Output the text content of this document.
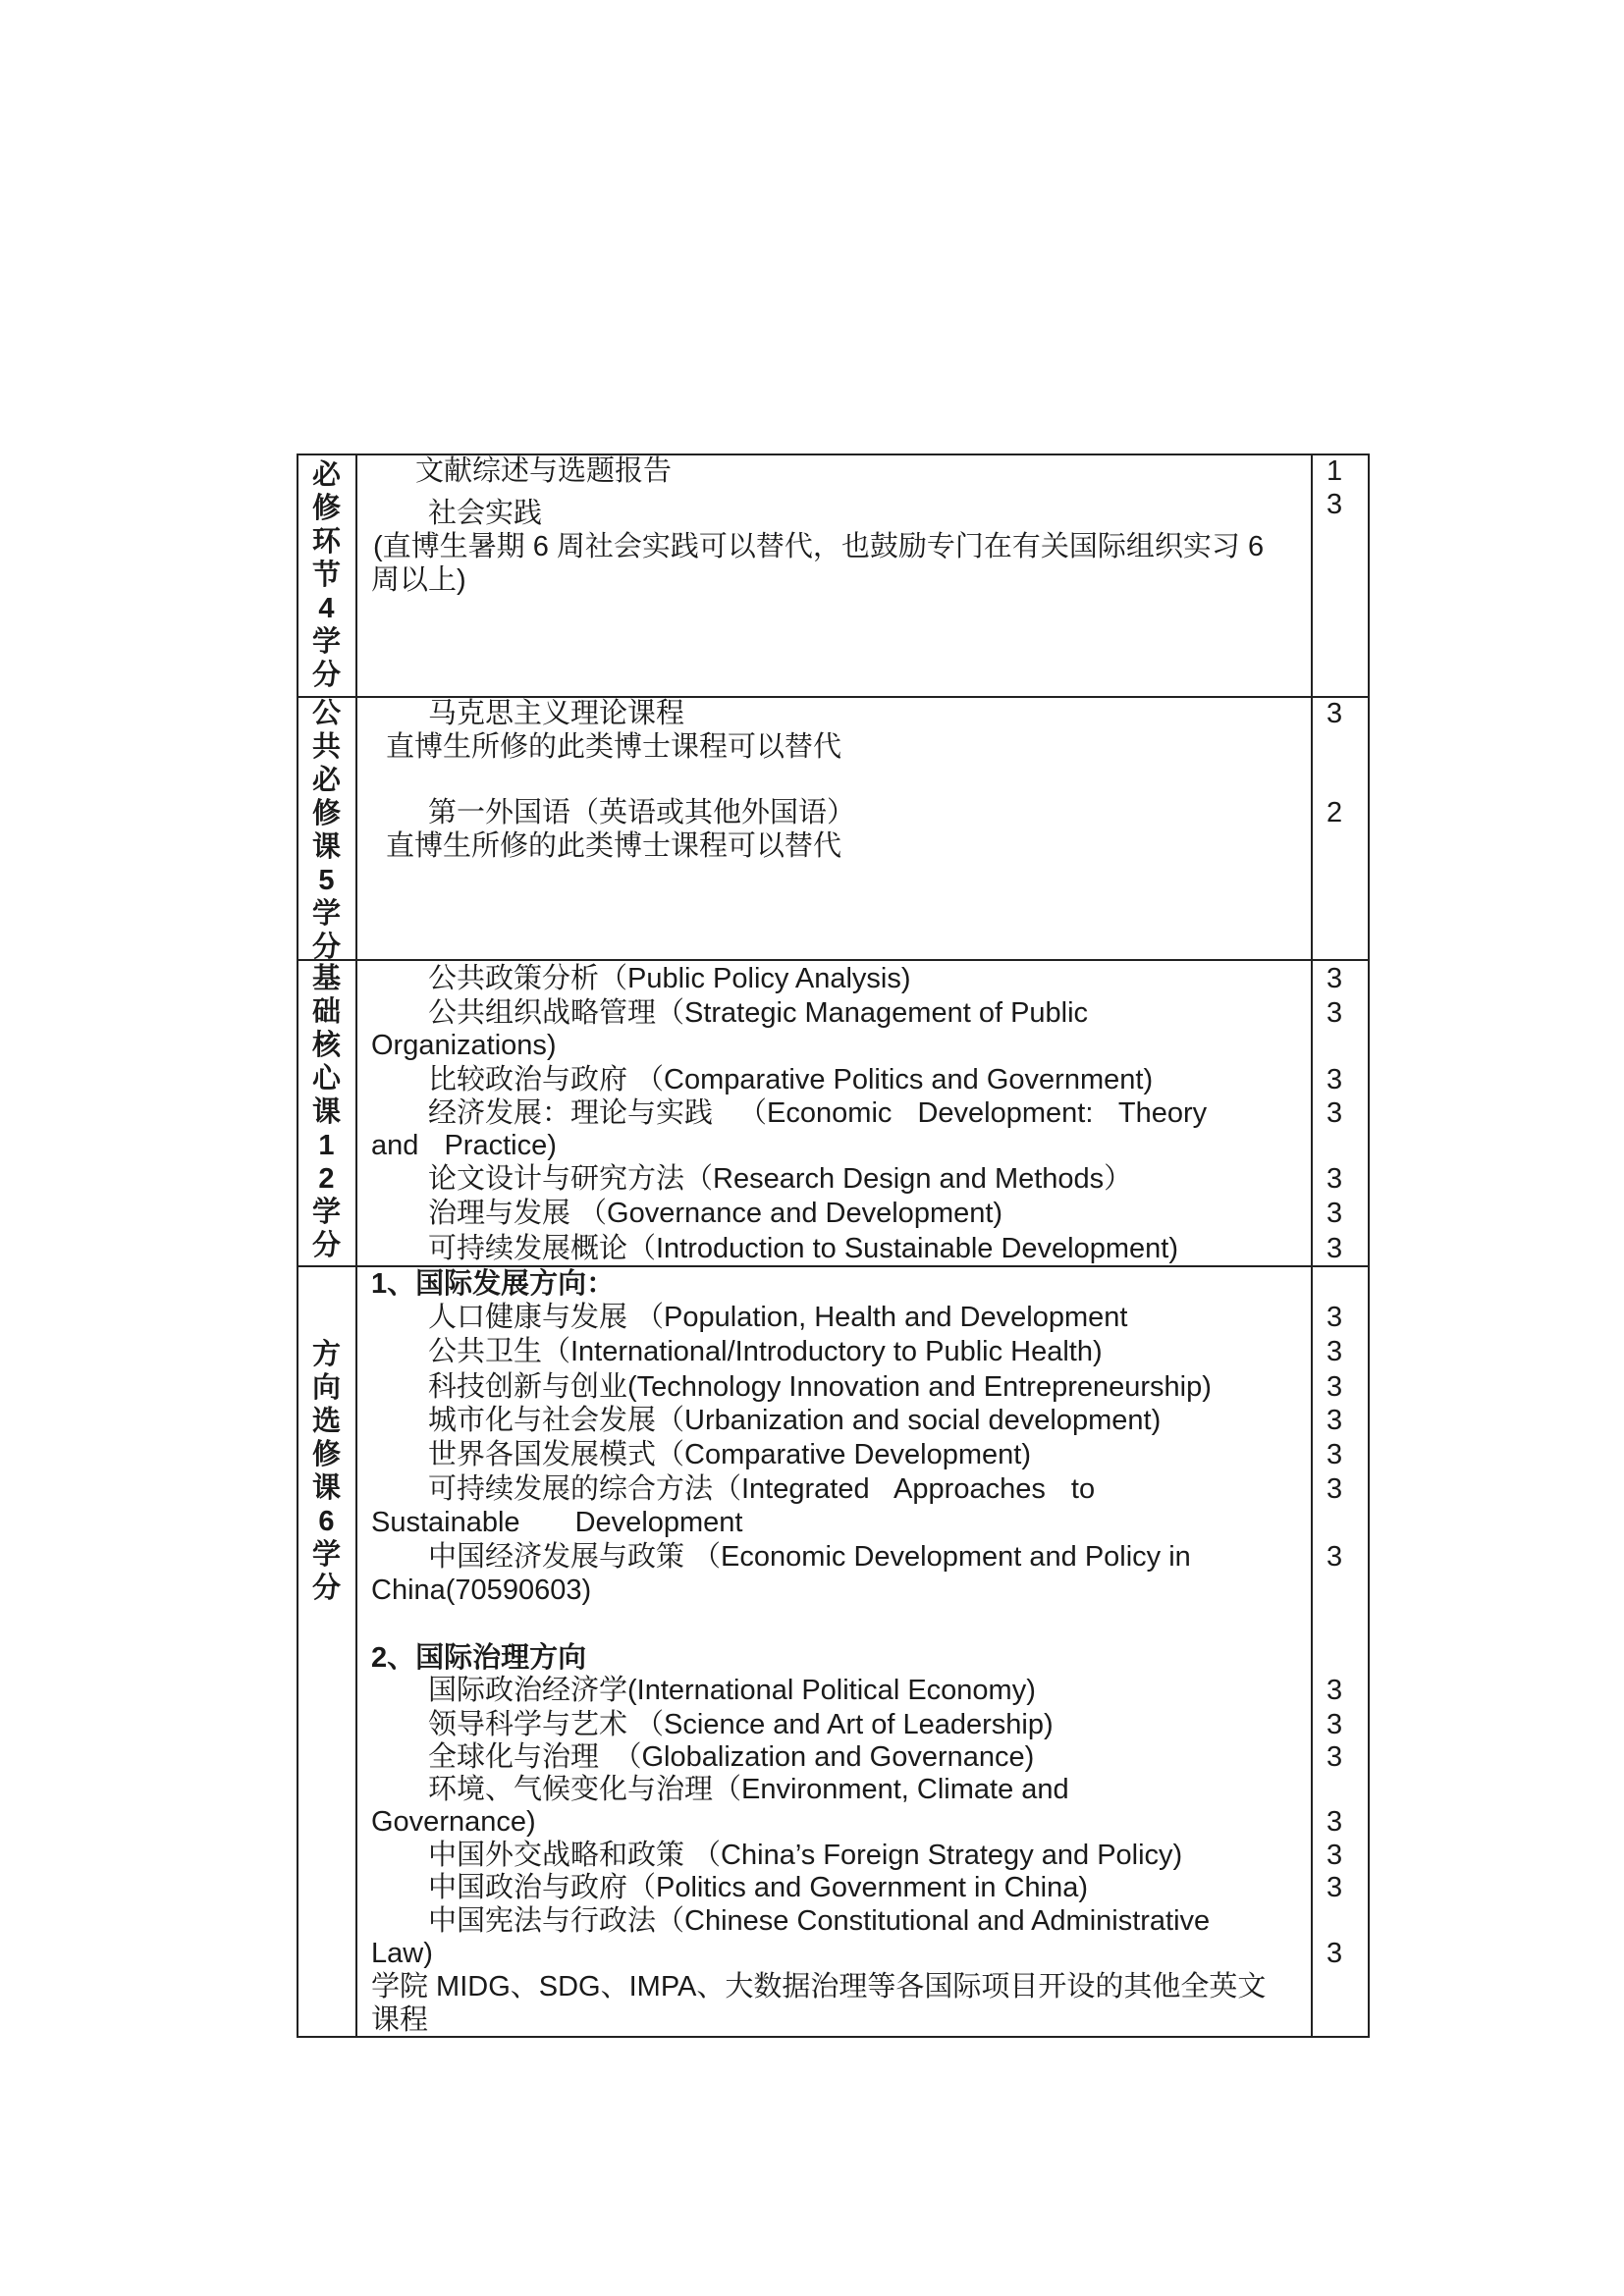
必修环节4学分
文献综述与选题报告
社会实践
(直博生暑期 6 周社会实践可以替代，也鼓励专门在有关国际组织实习 6
周以上)
1
3
公共必修课5学分
马克思主义理论课程
直博生所修的此类博士课程可以替代
第一外国语（英语或其他外国语）
直博生所修的此类博士课程可以替代
3
2
基础核心课12学分
公共政策分析（Public Policy Analysis)
公共组织战略管理（Strategic Management of Public
Organizations)
比较政治与政府 （Comparative Politics and Government)
经济发展：理论与实践 （Economic Development: Theory
and Practice)
论文设计与研究方法（Research Design and Methods）
治理与发展 （Governance and Development)
可持续发展概论（Introduction to Sustainable Development)
3
3
3
3
3
3
3
方向选修课6学分
1、国际发展方向：
人口健康与发展 （Population, Health and Development
公共卫生（International/Introductory to Public Health)
科技创新与创业(Technology Innovation and Entrepreneurship)
城市化与社会发展（Urbanization and social development)
世界各国发展模式（Comparative Development)
可持续发展的综合方法（Integrated Approaches to
Sustainable Development
中国经济发展与政策 （Economic Development and Policy in
China(70590603)
2、国际治理方向
国际政治经济学(International Political Economy)
领导科学与艺术 （Science and Art of Leadership)
全球化与治理　（Globalization and Governance)
环境、气候变化与治理（Environment, Climate and
Governance)
中国外交战略和政策 （China’s Foreign Strategy and Policy)
中国政治与政府（Politics and Government in China)
中国宪法与行政法（Chinese Constitutional and Administrative
Law)
学院 MIDG、SDG、IMPA、大数据治理等各国际项目开设的其他全英文
课程
3
3
3
3
3
3
3
3
3
3
3
3
3
3
